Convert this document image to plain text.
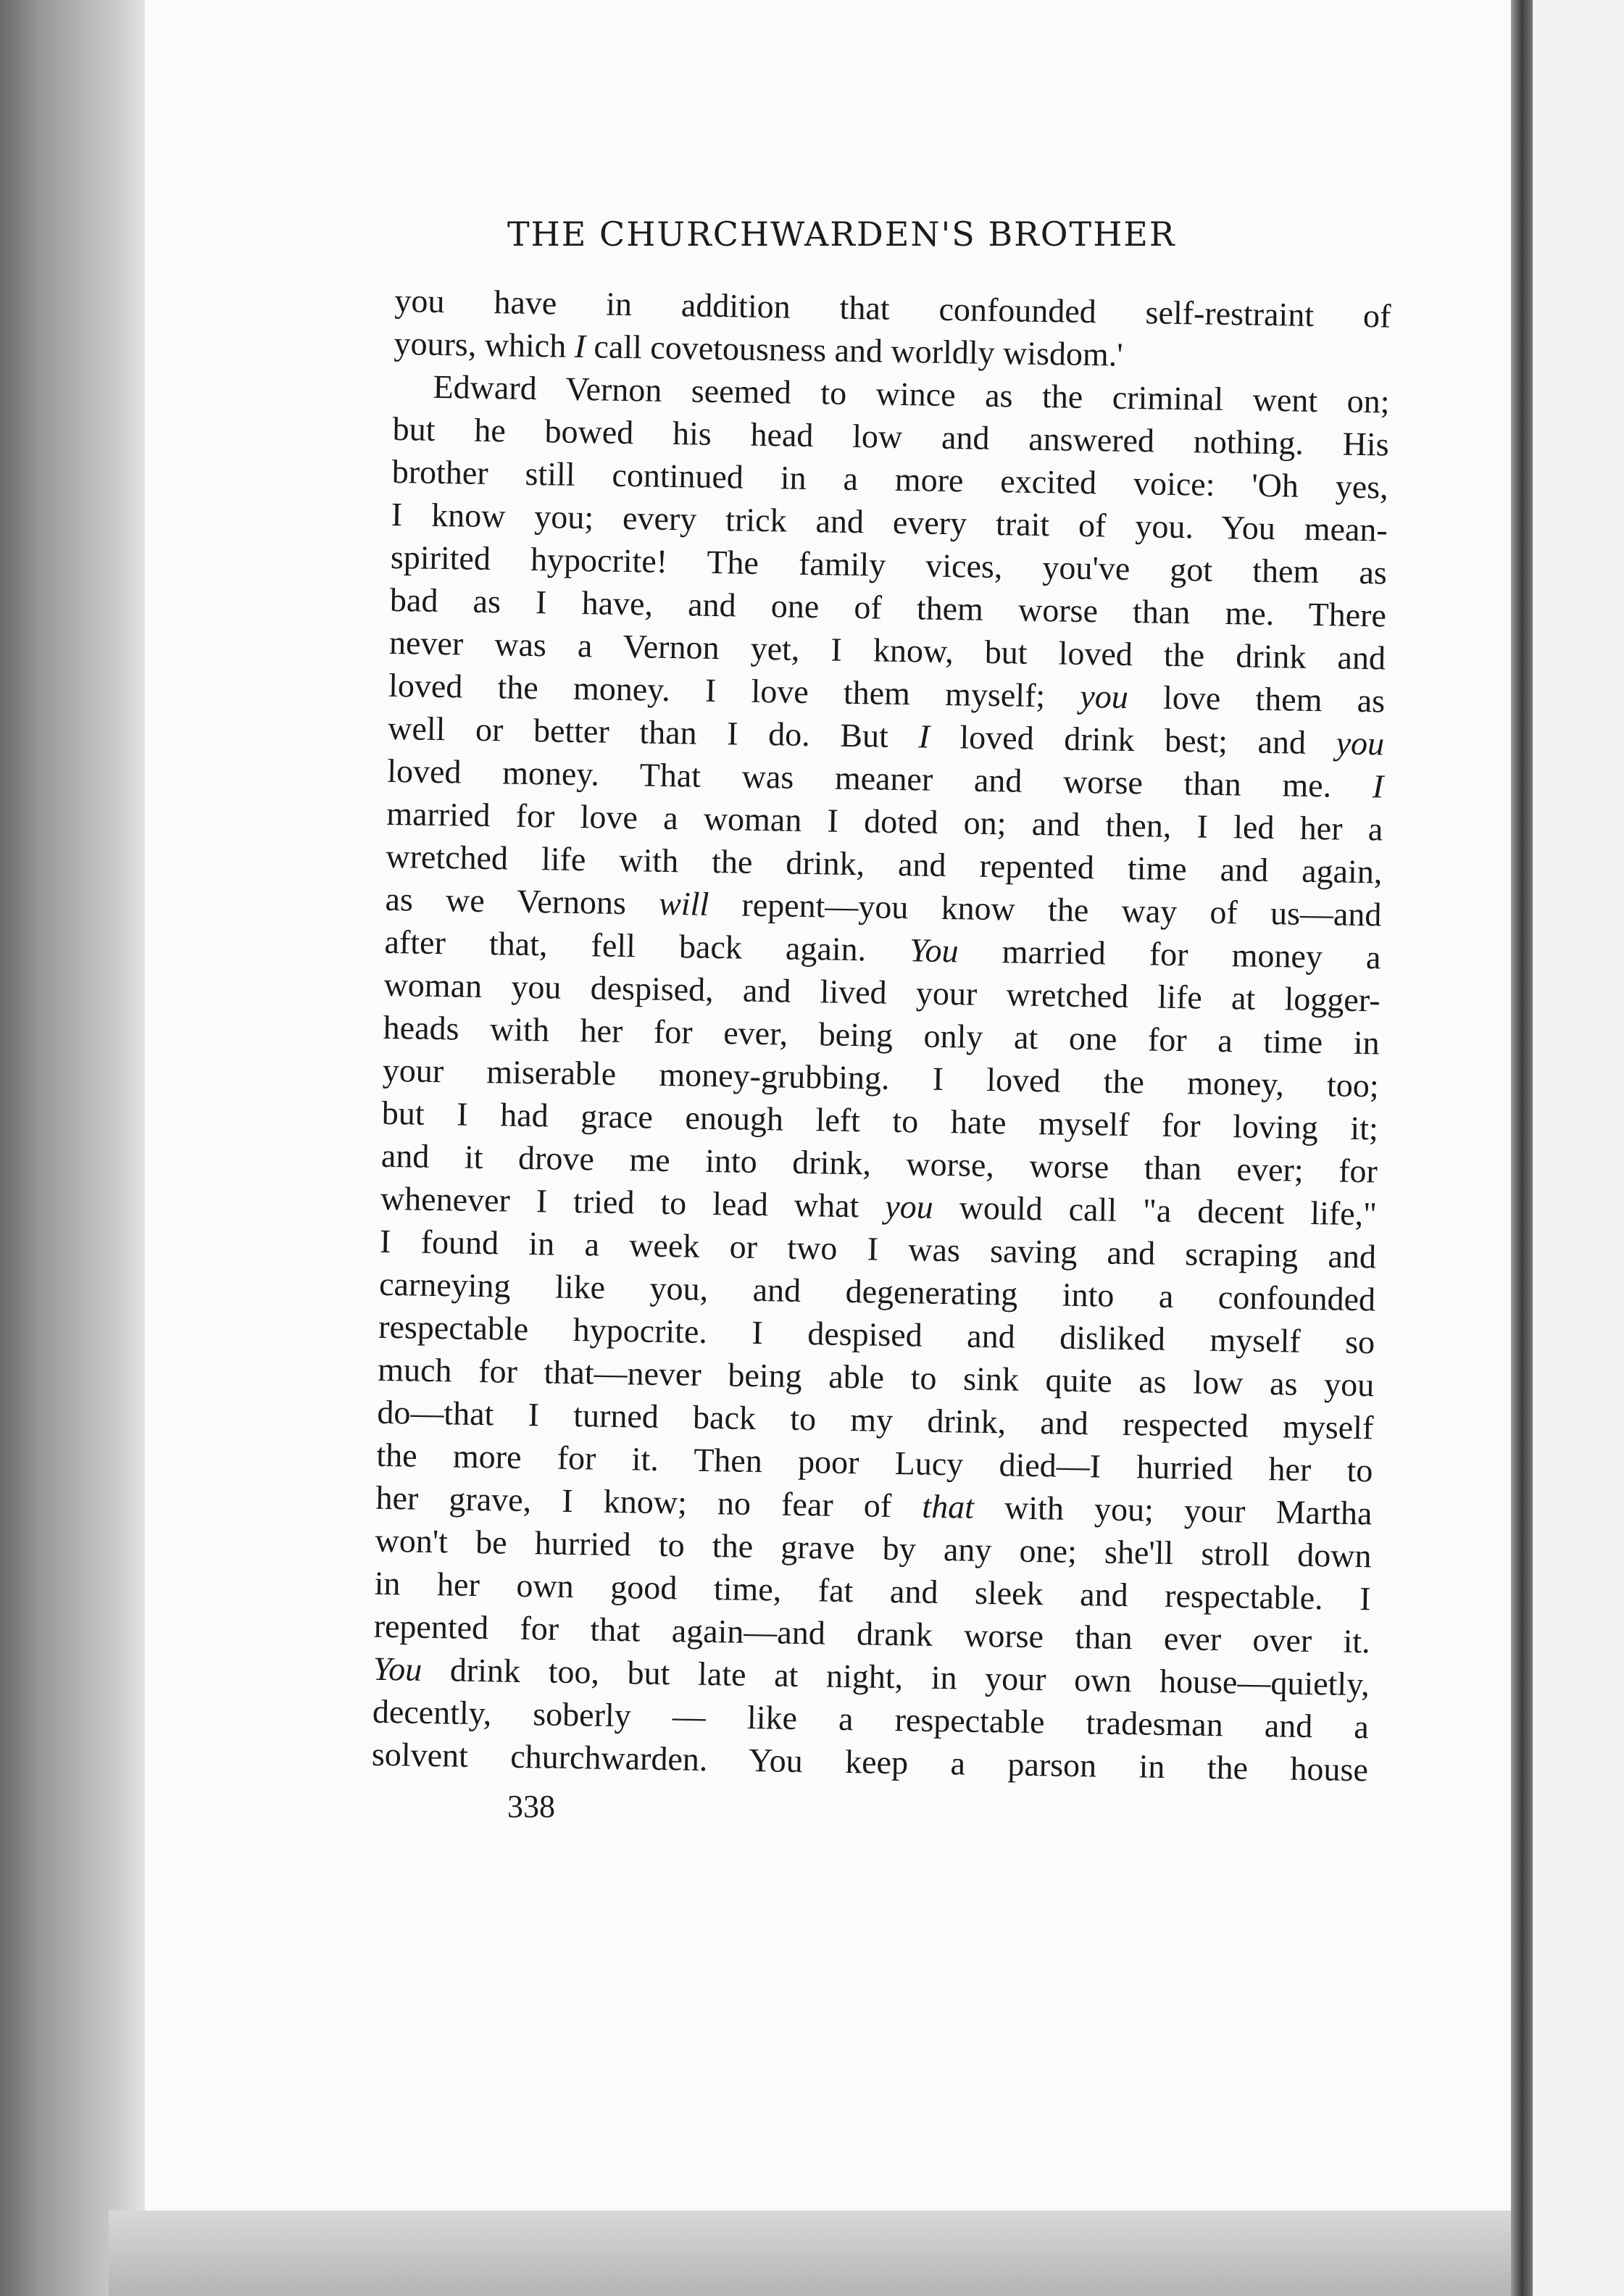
THE CHURCHWARDEN'S BROTHER
you have in addition that confounded self-restraint of
yours, which I call covetousness and worldly wisdom.'
Edward Vernon seemed to wince as the criminal went on;
but he bowed his head low and answered nothing. His
brother still continued in a more excited voice: 'Oh yes,
I know you; every trick and every trait of you. You mean-
spirited hypocrite! The family vices, you've got them as
bad as I have, and one of them worse than me. There
never was a Vernon yet, I know, but loved the drink and
loved the money. I love them myself; you love them as
well or better than I do. But I loved drink best; and you
loved money. That was meaner and worse than me. I
married for love a woman I doted on; and then, I led her a
wretched life with the drink, and repented time and again,
as we Vernons will repent—you know the way of us—and
after that, fell back again. You married for money a
woman you despised, and lived your wretched life at logger-
heads with her for ever, being only at one for a time in
your miserable money-grubbing. I loved the money, too;
but I had grace enough left to hate myself for loving it;
and it drove me into drink, worse, worse than ever; for
whenever I tried to lead what you would call "a decent life,"
I found in a week or two I was saving and scraping and
carneying like you, and degenerating into a confounded
respectable hypocrite. I despised and disliked myself so
much for that—never being able to sink quite as low as you
do—that I turned back to my drink, and respected myself
the more for it. Then poor Lucy died—I hurried her to
her grave, I know; no fear of that with you; your Martha
won't be hurried to the grave by any one; she'll stroll down
in her own good time, fat and sleek and respectable. I
repented for that again—and drank worse than ever over it.
You drink too, but late at night, in your own house—quietly,
decently, soberly — like a respectable tradesman and a
solvent churchwarden. You keep a parson in the house

338
